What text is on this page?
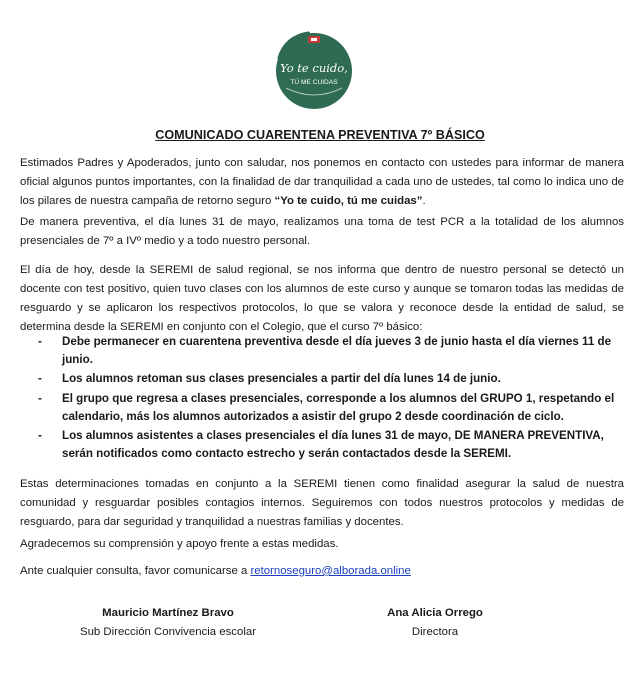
Yo te cuido,
TÚ ME CUIDAS
COMUNICADO CUARENTENA PREVENTIVA 7º BÁSICO

Estimados Padres y Apoderados, junto con saludar, nos ponemos en contacto con ustedes para informar de manera oficial algunos puntos importantes, con la finalidad de dar tranquilidad a cada uno de ustedes, tal como lo indica uno de los pilares de nuestra campaña de retorno seguro “Yo te cuido, tú me cuidas”.

De manera preventiva, el día lunes 31 de mayo, realizamos una toma de test PCR a la totalidad de los alumnos presenciales de 7º a IVº medio y a todo nuestro personal.

El día de hoy, desde la SEREMI de salud regional, se nos informa que dentro de nuestro personal se detectó un docente con test positivo, quien tuvo clases con los alumnos de este curso y aunque se tomaron todas las medidas de resguardo y se aplicaron los respectivos protocolos, lo que se valora y reconoce desde la entidad de salud, se determina desde la SEREMI en conjunto con el Colegio, que el curso 7º básico:

- Debe permanecer en cuarentena preventiva desde el día jueves 3 de junio hasta el día viernes 11 de junio.
- Los alumnos retoman sus clases presenciales a partir del día lunes 14 de junio.
- El grupo que regresa a clases presenciales, corresponde a los alumnos del GRUPO 1, respetando el calendario, más los alumnos autorizados a asistir del grupo 2 desde coordinación de ciclo.
- Los alumnos asistentes a clases presenciales el día lunes 31 de mayo, DE MANERA PREVENTIVA, serán notificados como contacto estrecho y serán contactados desde la SEREMI.

Estas determinaciones tomadas en conjunto a la SEREMI tienen como finalidad asegurar la salud de nuestra comunidad y resguardar posibles contagios internos. Seguiremos con todos nuestros protocolos y medidas de resguardo, para dar seguridad y tranquilidad a nuestras familias y docentes.

Agradecemos su comprensión y apoyo frente a estas medidas.

Ante cualquier consulta, favor comunicarse a retornoseguro@alborada.online

Mauricio Martínez Bravo
Sub Dirección Convivencia escolar
Ana Alicia Orrego
Directora
